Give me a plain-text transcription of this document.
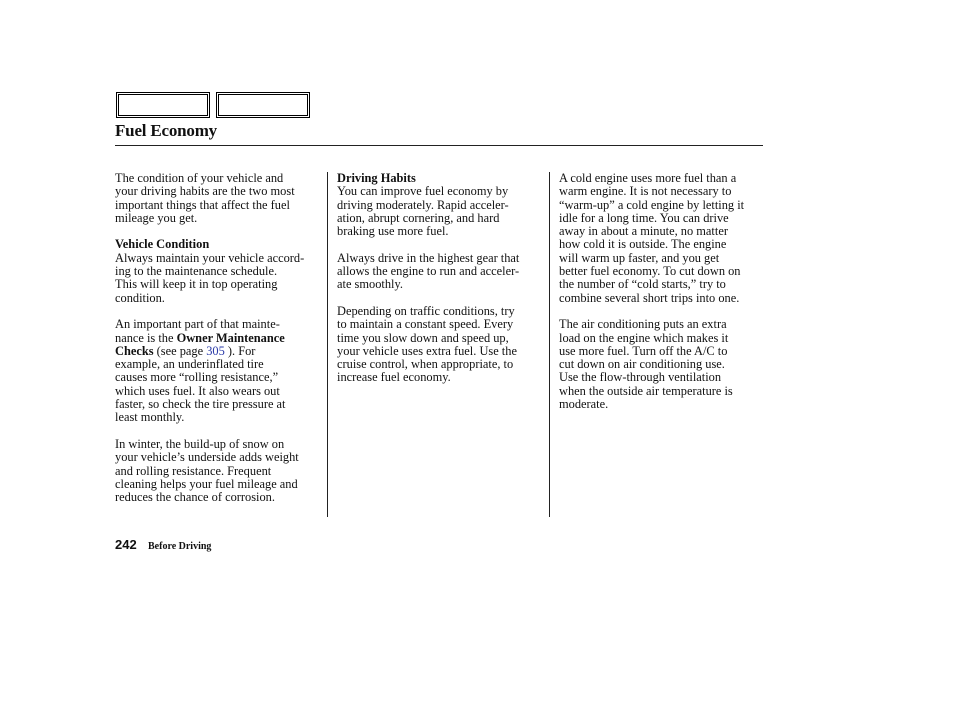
Fuel Economy

The condition of your vehicle and
your driving habits are the two most
important things that affect the fuel
mileage you get.

Vehicle Condition
Always maintain your vehicle accord-
ing to the maintenance schedule.
This will keep it in top operating
condition.

An important part of that mainte-
nance is the Owner Maintenance
Checks (see page 305 ). For
example, an underinflated tire
causes more “rolling resistance,”
which uses fuel. It also wears out
faster, so check the tire pressure at
least monthly.

In winter, the build-up of snow on
your vehicle’s underside adds weight
and rolling resistance. Frequent
cleaning helps your fuel mileage and
reduces the chance of corrosion.

Driving Habits
You can improve fuel economy by
driving moderately. Rapid acceler-
ation, abrupt cornering, and hard
braking use more fuel.

Always drive in the highest gear that
allows the engine to run and acceler-
ate smoothly.

Depending on traffic conditions, try
to maintain a constant speed. Every
time you slow down and speed up,
your vehicle uses extra fuel. Use the
cruise control, when appropriate, to
increase fuel economy.

A cold engine uses more fuel than a
warm engine. It is not necessary to
“warm-up” a cold engine by letting it
idle for a long time. You can drive
away in about a minute, no matter
how cold it is outside. The engine
will warm up faster, and you get
better fuel economy. To cut down on
the number of “cold starts,” try to
combine several short trips into one.

The air conditioning puts an extra
load on the engine which makes it
use more fuel. Turn off the A/C to
cut down on air conditioning use.
Use the flow-through ventilation
when the outside air temperature is
moderate.

242 Before Driving
